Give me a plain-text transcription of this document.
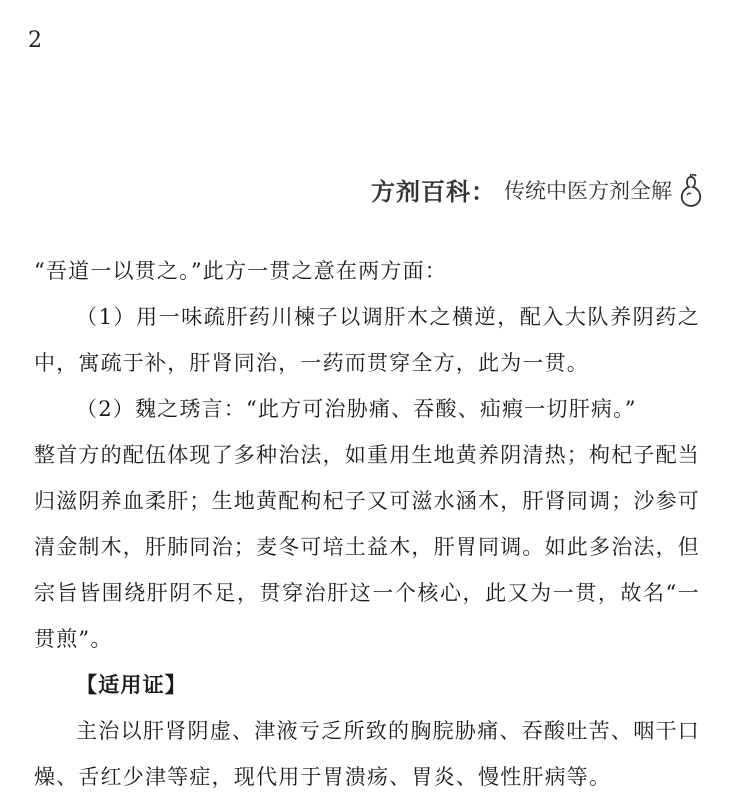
2
方剂百科： 传统中医方剂全解

“吾道一以贯之。”此方一贯之意在两方面：

（1）用一味疏肝药川楝子以调肝木之横逆，配入大队养阴药之中，寓疏于补，肝肾同治，一药而贯穿全方，此为一贯。

（2）魏之琇言：“此方可治胁痛、吞酸、疝瘕一切肝病。”

整首方的配伍体现了多种治法，如重用生地黄养阴清热；枸杞子配当归滋阴养血柔肝；生地黄配枸杞子又可滋水涵木，肝肾同调；沙参可清金制木，肝肺同治；麦冬可培土益木，肝胃同调。如此多治法，但宗旨皆围绕肝阴不足，贯穿治肝这一个核心，此又为一贯，故名“一贯煎”。

【适用证】

主治以肝肾阴虚、津液亏乏所致的胸脘胁痛、吞酸吐苦、咽干口燥、舌红少津等症，现代用于胃溃疡、胃炎、慢性肝病等。
